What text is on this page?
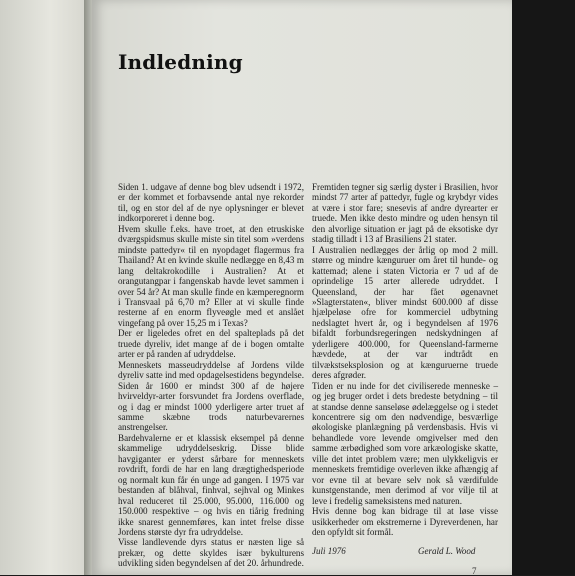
Indledning

Siden 1. udgave af denne bog blev udsendt i 1972, er der kommet et forbavsende antal nye rekorder til, og en stor del af de nye oplysninger er blevet indkorporeret i denne bog.

Hvem skulle f.eks. have troet, at den etruskiske dværgspidsmus skulle miste sin titel som »verdens mindste pattedyr« til en nyopdaget flagermus fra Thailand? At en kvinde skulle nedlægge en 8,43 m lang deltakrokodille i Australien? At et orangutangpar i fangenskab havde levet sammen i over 54 år? At man skulle finde en kæmperegnorm i Transvaal på 6,70 m? Eller at vi skulle finde resterne af en enorm flyveøgle med et anslået vingefang på over 15,25 m i Texas?

Der er ligeledes ofret en del spalteplads på det truede dyreliv, idet mange af de i bogen omtalte arter er på randen af udryddelse.

Menneskets masseudryddelse af Jordens vilde dyreliv satte ind med opdagelsestidens begyndelse. Siden år 1600 er mindst 300 af de højere hvirveldyr-arter forsvundet fra Jordens overflade, og i dag er mindst 1000 yderligere arter truet af samme skæbne trods naturbevarernes anstrengelser.

Bardehvalerne er et klassisk eksempel på denne skammelige udryddelseskrig. Disse blide havgiganter er yderst sårbare for menneskets rovdrift, fordi de har en lang drægtighedsperiode og normalt kun får én unge ad gangen. I 1975 var bestanden af blåhval, finhval, sejhval og Minkes hval reduceret til 25.000, 95.000, 116.000 og 150.000 respektive – og hvis en tiårig fredning ikke snarest gennemføres, kan intet frelse disse Jordens største dyr fra udryddelse.

Visse landlevende dyrs status er næsten lige så prekær, og dette skyldes især bykulturens udvikling siden begyndelsen af det 20. århundrede.

Fremtiden tegner sig særlig dyster i Brasilien, hvor mindst 77 arter af pattedyr, fugle og krybdyr vides at være i stor fare; snesevis af andre dyrearter er truede. Men ikke desto mindre og uden hensyn til den alvorlige situation er jagt på de eksotiske dyr stadig tilladt i 13 af Brasiliens 21 stater.

I Australien nedlægges der årlig op mod 2 mill. større og mindre kænguruer om året til hunde- og kattemad; alene i staten Victoria er 7 ud af de oprindelige 15 arter allerede udryddet. I Queensland, der har fået øgenavnet »Slagterstaten«, bliver mindst 600.000 af disse hjælpeløse ofre for kommerciel udbytning nedslagtet hvert år, og i begyndelsen af 1976 bifaldt forbundsregeringen nedskydningen af yderligere 400.000, for Queensland-farmerne hævdede, at der var indtrådt en tilvækstseksplosion og at kænguruerne truede deres afgrøder.

Tiden er nu inde for det civiliserede menneske – og jeg bruger ordet i dets bredeste betydning – til at standse denne sanseløse ødelæggelse og i stedet koncentrere sig om den nødvendige, besværlige økologiske planlægning på verdensbasis. Hvis vi behandlede vore levende omgivelser med den samme ærbødighed som vore arkæologiske skatte, ville det intet problem være; men ulykkeligvis er menneskets fremtidige overleven ikke afhængig af vor evne til at bevare selv nok så værdifulde kunstgenstande, men derimod af vor vilje til at leve i fredelig sameksistens med naturen.

Hvis denne bog kan bidrage til at løse visse usikkerheder om ekstremerne i Dyreverdenen, har den opfyldt sit formål.

Juli 1976	Gerald L. Wood
7
